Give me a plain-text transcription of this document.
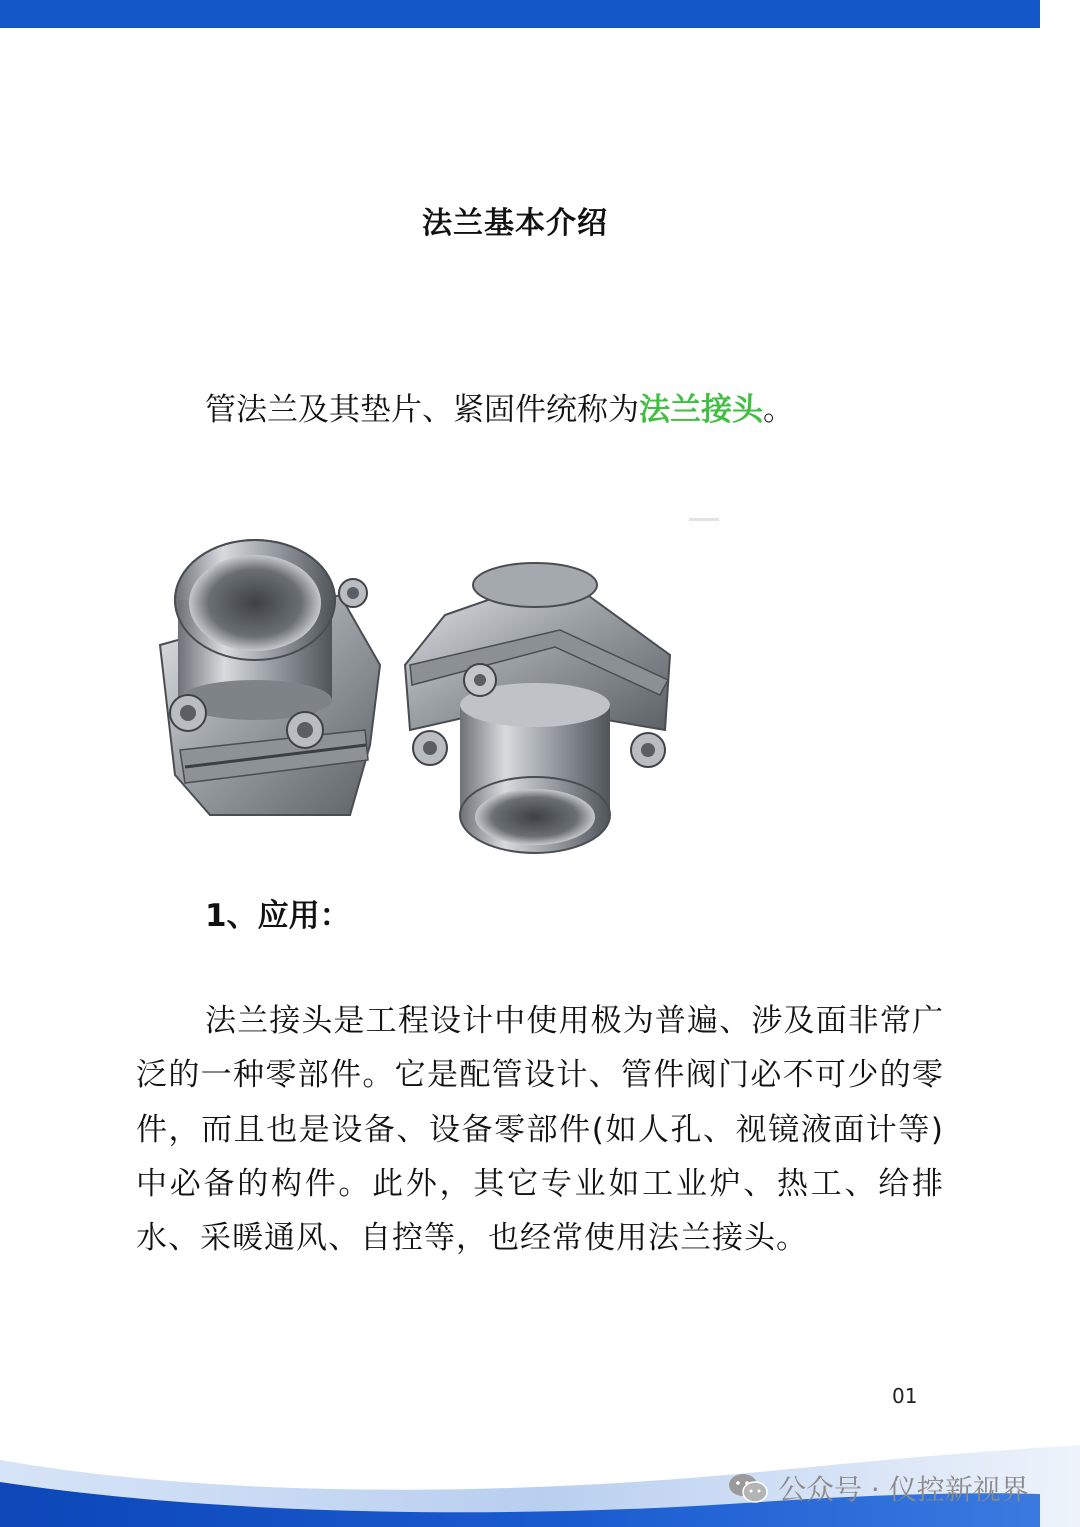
法兰基本介绍
管法兰及其垫片、紧固件统称为法兰接头。
1、应用：
法兰接头是工程设计中使用极为普遍、涉及面非常广泛的一种零部件。它是配管设计、管件阀门必不可少的零件，而且也是设备、设备零部件(如人孔、视镜液面计等)中必备的构件。此外，其它专业如工业炉、热工、给排水、采暖通风、自控等，也经常使用法兰接头。
01
公众号 · 仪控新视界
